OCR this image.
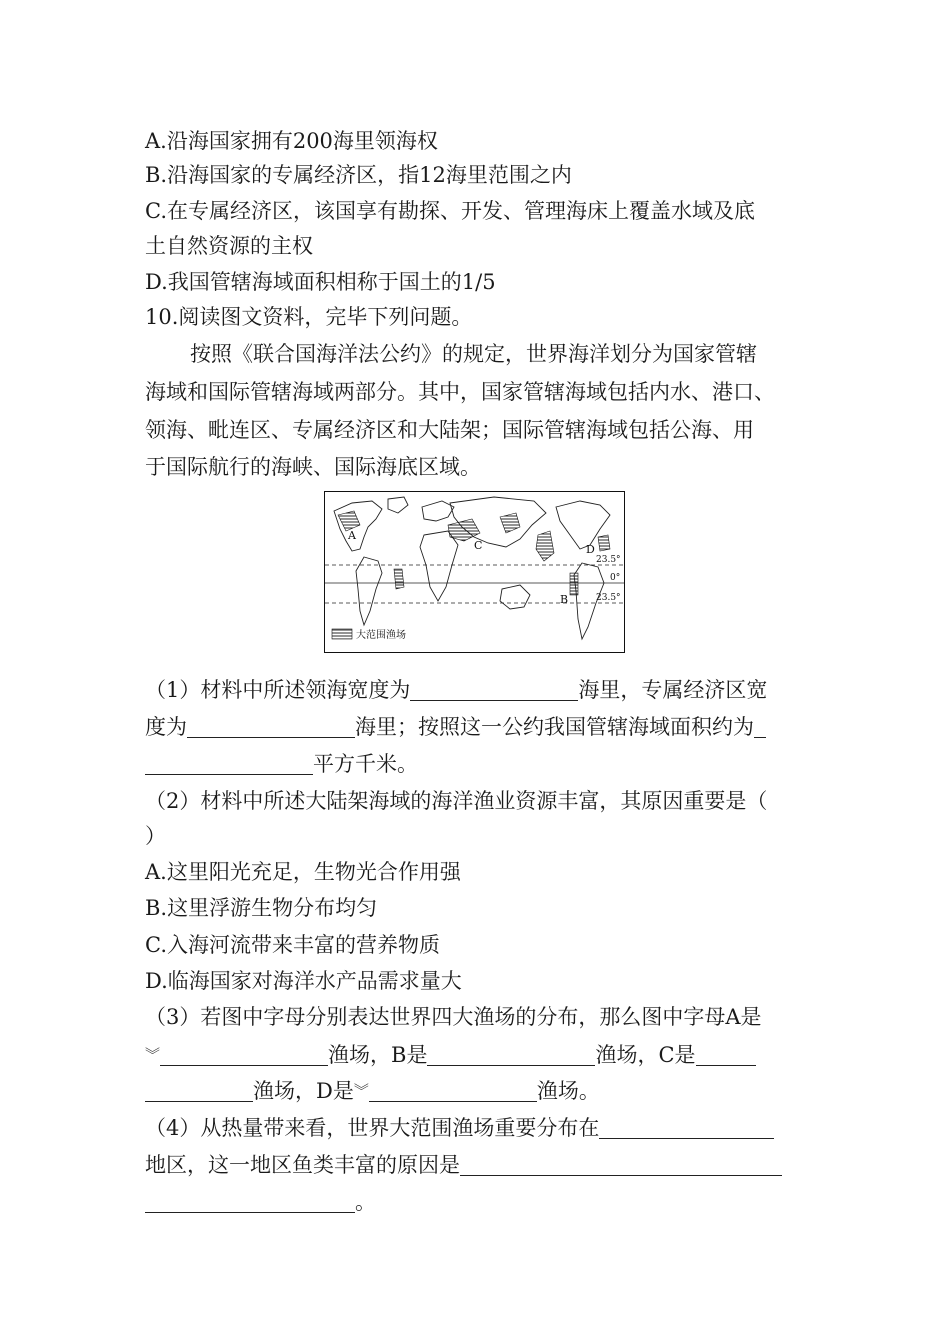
A.沿海国家拥有200海里领海权
B.沿海国家的专属经济区，指12海里范围之内
C.在专属经济区，该国享有勘探、开发、管理海床上覆盖水域及底
土自然资源的主权
D.我国管辖海域面积相称于国土的1/5
10.阅读图文资料，完毕下列问题。
按照《联合国海洋法公约》的规定，世界海洋划分为国家管辖
海域和国际管辖海域两部分。其中，国家管辖海域包括内水、港口、
领海、毗连区、专属经济区和大陆架；国际管辖海域包括公海、用
于国际航行的海峡、国际海底区域。
A
B
C	D
23.5°
0°
23.5°
大范围渔场
（1）材料中所述领海宽度为	海里，专属经济区宽
度为	海里；按照这一公约我国管辖海域面积约为
平方千米。
（2）材料中所述大陆架海域的海洋渔业资源丰富，其原因重要是（
）
A.这里阳光充足，生物光合作用强
B.这里浮游生物分布均匀
C.入海河流带来丰富的营养物质
D.临海国家对海洋水产品需求量大
（3）若图中字母分别表达世界四大渔场的分布，那么图中字母A是
︾	渔场，B是	渔场，C是
渔场，D是︾	渔场。
（4）从热量带来看，世界大范围渔场重要分布在
地区，这一地区鱼类丰富的原因是
。
